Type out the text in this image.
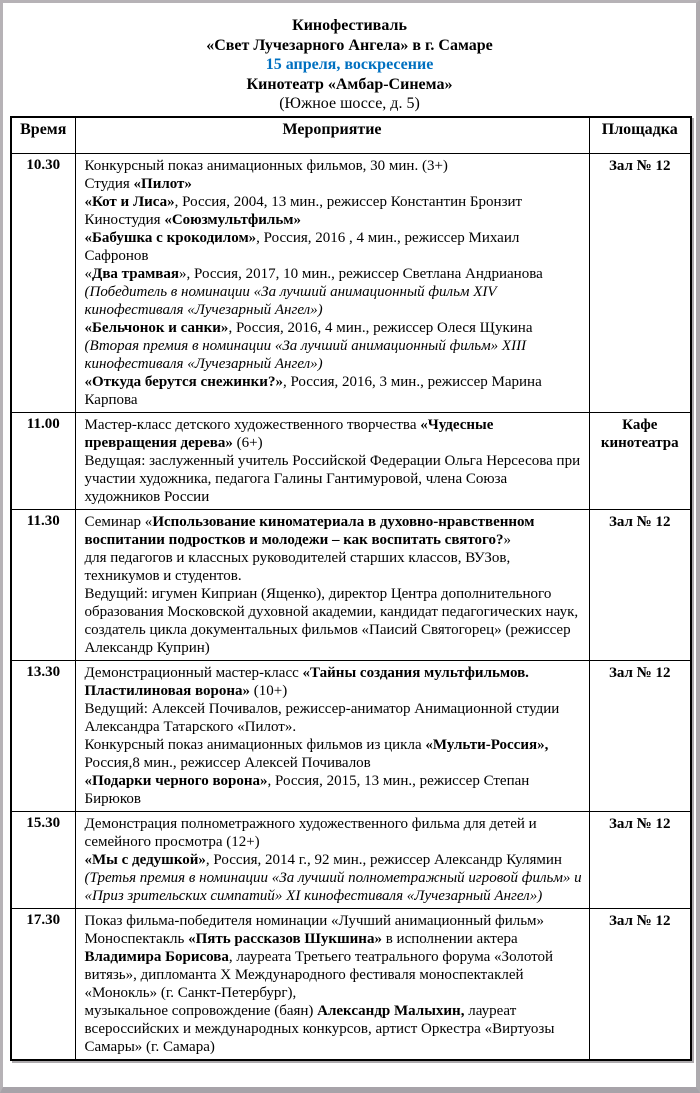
Кинофестиваль
«Свет Лучезарного Ангела» в г. Самаре
15 апреля, воскресение
Кинотеатр «Амбар-Синема»
(Южное шоссе, д. 5)
Время	Мероприятие	Площадка
10.30	Конкурсный показ анимационных фильмов, 30 мин. (3+)
Студия «Пилот»
«Кот и Лиса», Россия, 2004, 13 мин., режиссер Константин Бронзит
Киностудия «Союзмультфильм»
«Бабушка с крокодилом», Россия, 2016 , 4 мин., режиссер Михаил Сафронов
«Два трамвая», Россия, 2017, 10 мин., режиссер Светлана Андрианова
(Победитель в номинации «За лучший анимационный фильм XIV кинофестиваля «Лучезарный Ангел»)
«Бельчонок и санки», Россия, 2016, 4 мин., режиссер Олеся Щукина
(Вторая премия в номинации «За лучший анимационный фильм» XIII кинофестиваля «Лучезарный Ангел»)
«Откуда берутся снежинки?», Россия, 2016, 3 мин., режиссер Марина Карпова
	Зал № 12
11.00	Мастер-класс детского художественного творчества «Чудесные превращения дерева» (6+)
Ведущая: заслуженный учитель Российской Федерации Ольга Нерсесова при участии художника, педагога Галины Гантимуровой, члена Союза художников России	Кафе кинотеатра
11.30	Семинар «Использование киноматериала в духовно-нравственном воспитании подростков и молодежи – как воспитать святого?»
для педагогов и классных руководителей старших классов, ВУЗов, техникумов и студентов.
Ведущий: игумен Киприан (Ященко), директор Центра дополнительного образования Московской духовной академии, кандидат педагогических наук, создатель цикла документальных фильмов «Паисий Святогорец» (режиссер Александр Куприн)	Зал № 12
13.30	Демонстрационный мастер-класс «Тайны создания мультфильмов. Пластилиновая ворона» (10+)
Ведущий: Алексей Почивалов, режиссер-аниматор Анимационной студии Александра Татарского «Пилот».
Конкурсный показ анимационных фильмов из цикла «Мульти-Россия», Россия,8 мин., режиссер Алексей Почивалов
«Подарки черного ворона», Россия, 2015, 13 мин., режиссер Степан Бирюков	Зал № 12
15.30	Демонстрация полнометражного художественного фильма для детей и семейного просмотра (12+)
«Мы с дедушкой», Россия, 2014 г., 92 мин., режиссер Александр Кулямин (Третья премия в номинации «За лучший полнометражный игровой фильм» и «Приз зрительских симпатий» XI кинофестиваля «Лучезарный Ангел»)	Зал № 12
17.30	Показ фильма-победителя номинации «Лучший анимационный фильм»
Моноспектакль «Пять рассказов Шукшина» в исполнении актера Владимира Борисова, лауреата Третьего театрального форума «Золотой витязь», дипломанта X Международного фестиваля моноспектаклей «Монокль» (г. Санкт-Петербург),
музыкальное сопровождение (баян) Александр Малыхин, лауреат всероссийских и международных конкурсов, артист Оркестра «Виртуозы Самары» (г. Самара)	Зал № 12
